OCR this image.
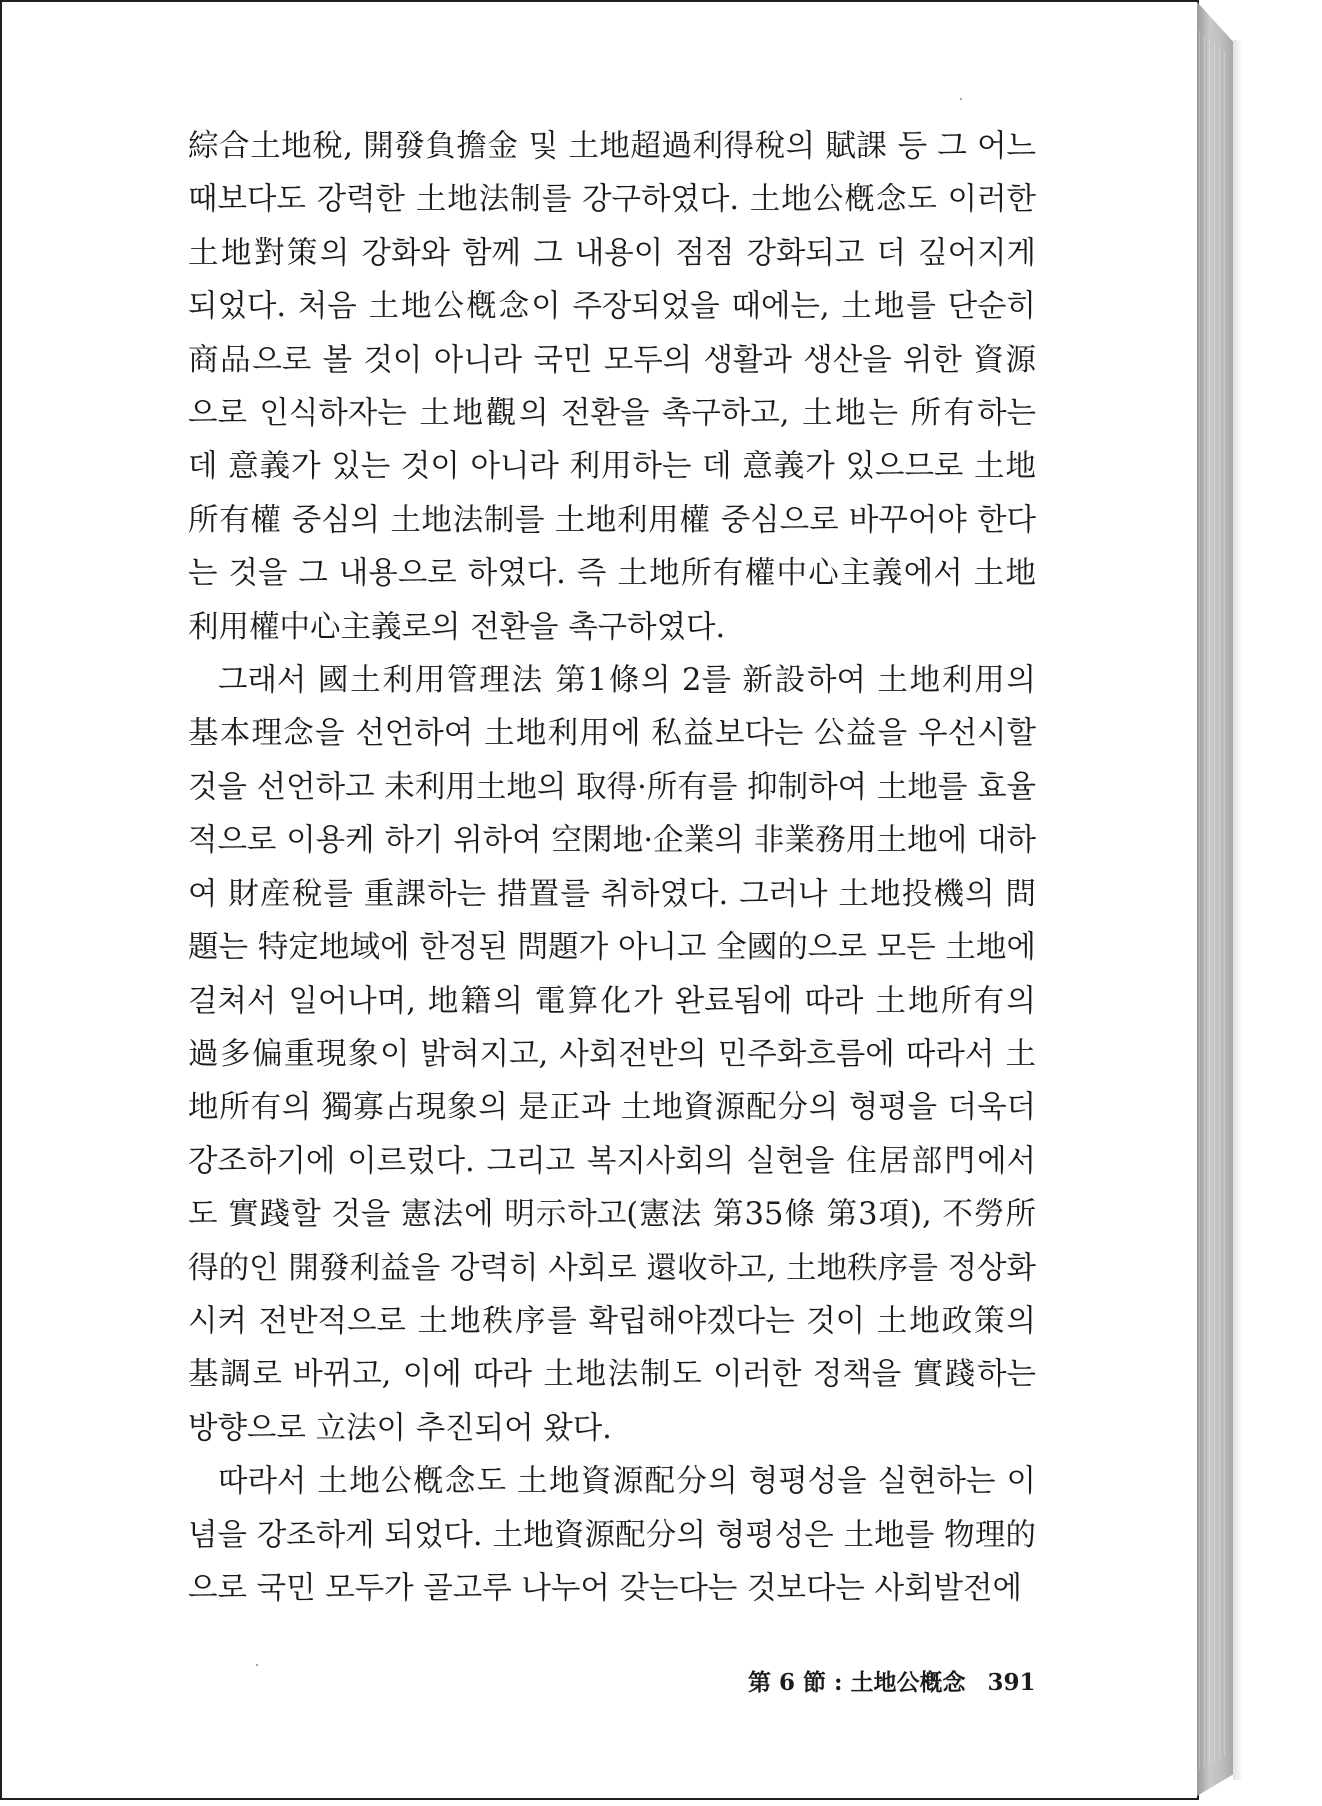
綜合土地稅, 開發負擔金 및 土地超過利得稅의 賦課 등 그 어느 때보다도 강력한 土地法制를 강구하였다. 土地公槪念도 이러한 土地對策의 강화와 함께 그 내용이 점점 강화되고 더 깊어지게 되었다. 처음 土地公槪念이 주장되었을 때에는, 土地를 단순히 商品으로 볼 것이 아니라 국민 모두의 생활과 생산을 위한 資源으로 인식하자는 土地觀의 전환을 촉구하고, 土地는 所有하는 데 意義가 있는 것이 아니라 利用하는 데 意義가 있으므로 土地所有權 중심의 土地法制를 土地利用權 중심으로 바꾸어야 한다는 것을 그 내용으로 하였다. 즉 土地所有權中心主義에서 土地利用權中心主義로의 전환을 촉구하였다.

그래서 國土利用管理法 第1條의 2를 新設하여 土地利用의 基本理念을 선언하여 土地利用에 私益보다는 公益을 우선시할 것을 선언하고 未利用土地의 取得·所有를 抑制하여 土地를 효율적으로 이용케 하기 위하여 空閑地·企業의 非業務用土地에 대하여 財産稅를 重課하는 措置를 취하였다. 그러나 土地投機의 問題는 特定地域에 한정된 問題가 아니고 全國的으로 모든 土地에 걸쳐서 일어나며, 地籍의 電算化가 완료됨에 따라 土地所有의 過多偏重現象이 밝혀지고, 사회전반의 민주화흐름에 따라서 土地所有의 獨寡占現象의 是正과 土地資源配分의 형평을 더욱더 강조하기에 이르렀다. 그리고 복지사회의 실현을 住居部門에서도 實踐할 것을 憲法에 明示하고(憲法 第35條 第3項), 不勞所得的인 開發利益을 강력히 사회로 還收하고, 土地秩序를 정상화시켜 전반적으로 土地秩序를 확립해야겠다는 것이 土地政策의 基調로 바뀌고, 이에 따라 土地法制도 이러한 정책을 實踐하는 방향으로 立法이 추진되어 왔다.

따라서 土地公槪念도 土地資源配分의 형평성을 실현하는 이념을 강조하게 되었다. 土地資源配分의 형평성은 土地를 物理的으로 국민 모두가 골고루 나누어 갖는다는 것보다는 사회발전에

第 6 節 : 土地公槪念 391
